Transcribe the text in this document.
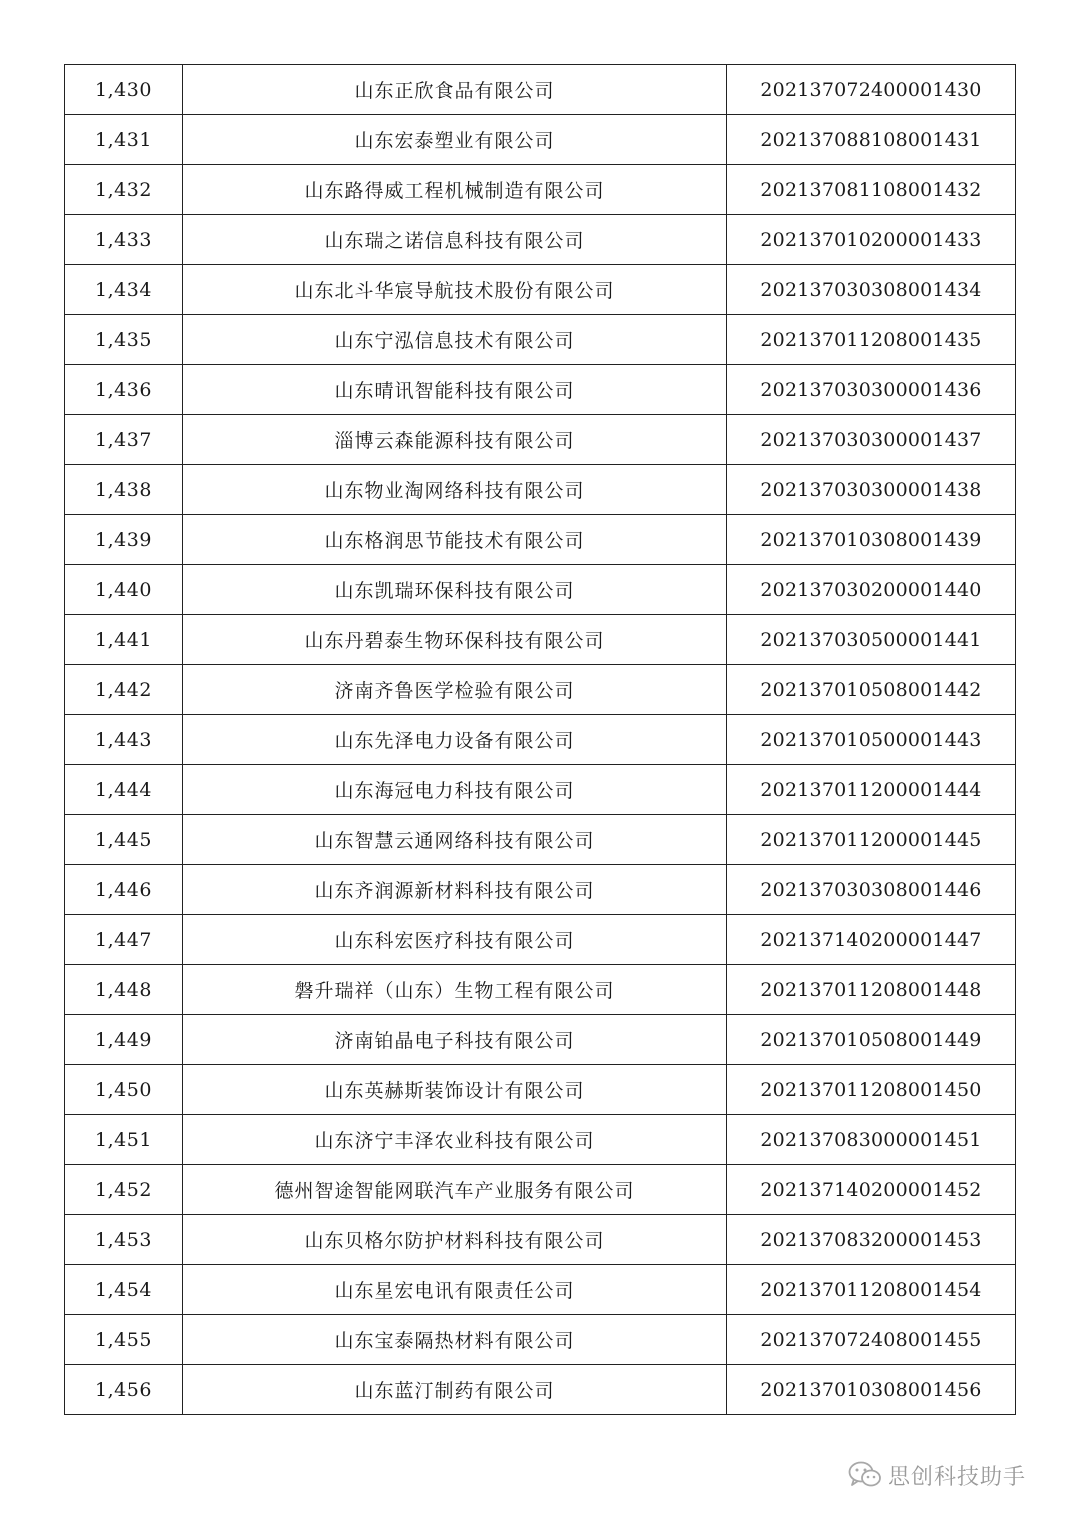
1,430	山东正欣食品有限公司	202137072400001430
1,431	山东宏泰塑业有限公司	202137088108001431
1,432	山东路得威工程机械制造有限公司	202137081108001432
1,433	山东瑞之诺信息科技有限公司	202137010200001433
1,434	山东北斗华宸导航技术股份有限公司	202137030308001434
1,435	山东宁泓信息技术有限公司	202137011208001435
1,436	山东晴讯智能科技有限公司	202137030300001436
1,437	淄博云森能源科技有限公司	202137030300001437
1,438	山东物业淘网络科技有限公司	202137030300001438
1,439	山东格润思节能技术有限公司	202137010308001439
1,440	山东凯瑞环保科技有限公司	202137030200001440
1,441	山东丹碧泰生物环保科技有限公司	202137030500001441
1,442	济南齐鲁医学检验有限公司	202137010508001442
1,443	山东先泽电力设备有限公司	202137010500001443
1,444	山东海冠电力科技有限公司	202137011200001444
1,445	山东智慧云通网络科技有限公司	202137011200001445
1,446	山东齐润源新材料科技有限公司	202137030308001446
1,447	山东科宏医疗科技有限公司	202137140200001447
1,448	磐升瑞祥（山东）生物工程有限公司	202137011208001448
1,449	济南铂晶电子科技有限公司	202137010508001449
1,450	山东英赫斯装饰设计有限公司	202137011208001450
1,451	山东济宁丰泽农业科技有限公司	202137083000001451
1,452	德州智途智能网联汽车产业服务有限公司	202137140200001452
1,453	山东贝格尔防护材料科技有限公司	202137083200001453
1,454	山东星宏电讯有限责任公司	202137011208001454
1,455	山东宝泰隔热材料有限公司	202137072408001455
1,456	山东蓝汀制药有限公司	202137010308001456
思创科技助手
